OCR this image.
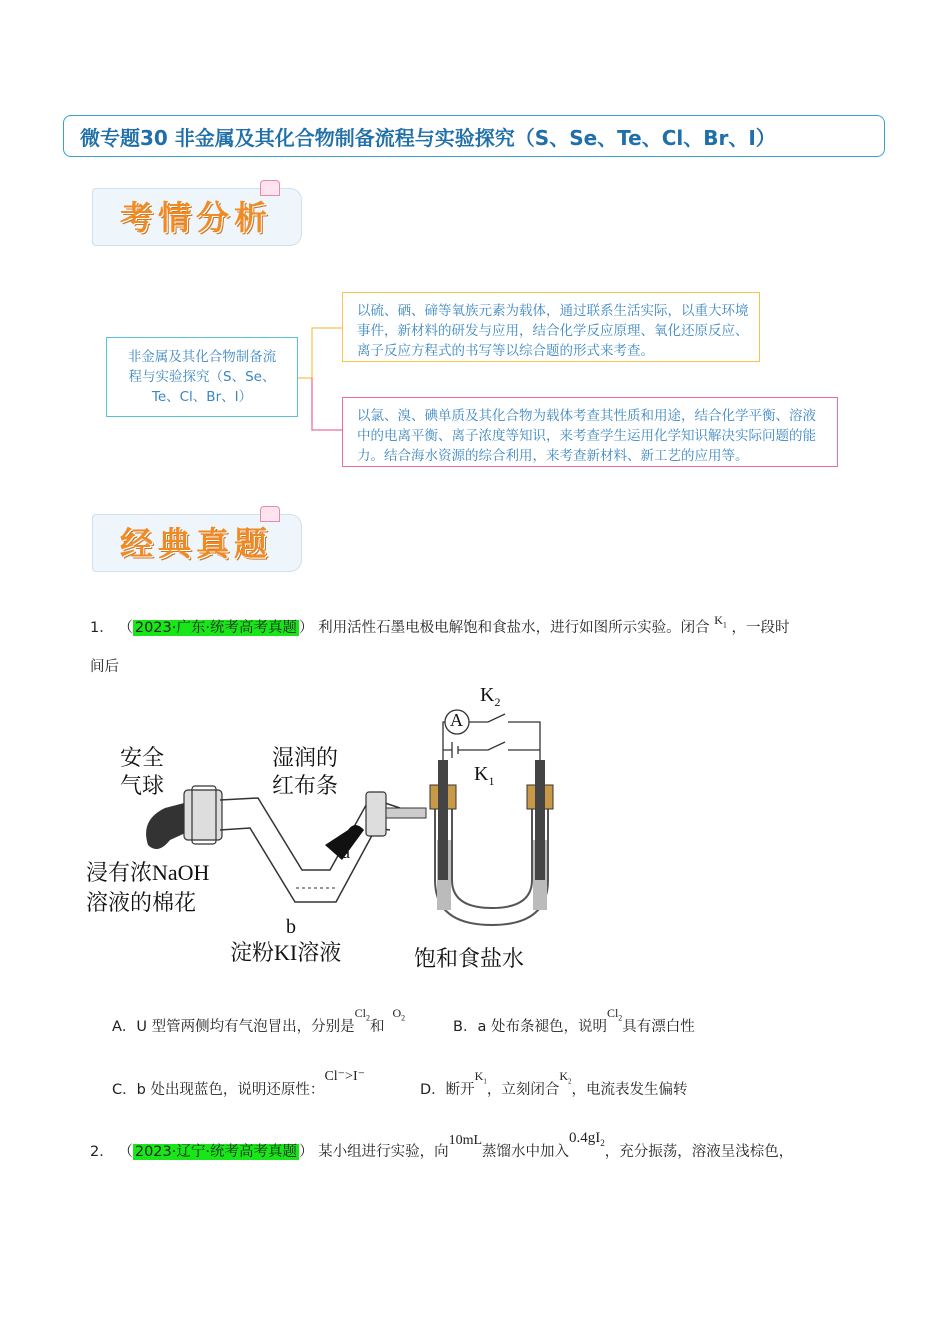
微专题30 非金属及其化合物制备流程与实验探究（S、Se、Te、Cl、Br、I）
考情分析
非金属及其化合物制备流程与实验探究（S、Se、Te、Cl、Br、I）
以硫、硒、碲等氧族元素为载体，通过联系生活实际，以重大环境事件，新材料的研发与应用，结合化学反应原理、氧化还原反应、离子反应方程式的书写等以综合题的形式来考查。
以氯、溴、碘单质及其化合物为载体考查其性质和用途，结合化学平衡、溶液中的电离平衡、离子浓度等知识，来考查学生运用化学知识解决实际问题的能力。结合海水资源的综合利用，来考查新材料、新工艺的应用等。
经典真题
1． （ 2023·广东·统考高考真题 ） 利用活性石墨电极电解饱和食盐水，进行如图所示实验。闭合 $^{K_1}$ ，一段时
间后
A
$K_2$
$K_1$
安全
气球
湿润的
红布条
浸有浓NaOH
溶液的棉花
a
b
淀粉KI溶液	饱和食盐水
A．U 型管两侧均有气泡冒出，分别是$^{Cl_2}$和$^{O_2}$
B．a 处布条褪色，说明$^{Cl_2}$具有漂白性
C．b 处出现蓝色，说明还原性：Cl⁻>I⁻
D．断开$^{K_1}$，立刻闭合$^{K_2}$，电流表发生偏转
2． （ 2023·辽宁·统考高考真题 ） 某小组进行实验，向10mL蒸馏水中加入$0.4gI_2$，充分振荡，溶液呈浅棕色，
